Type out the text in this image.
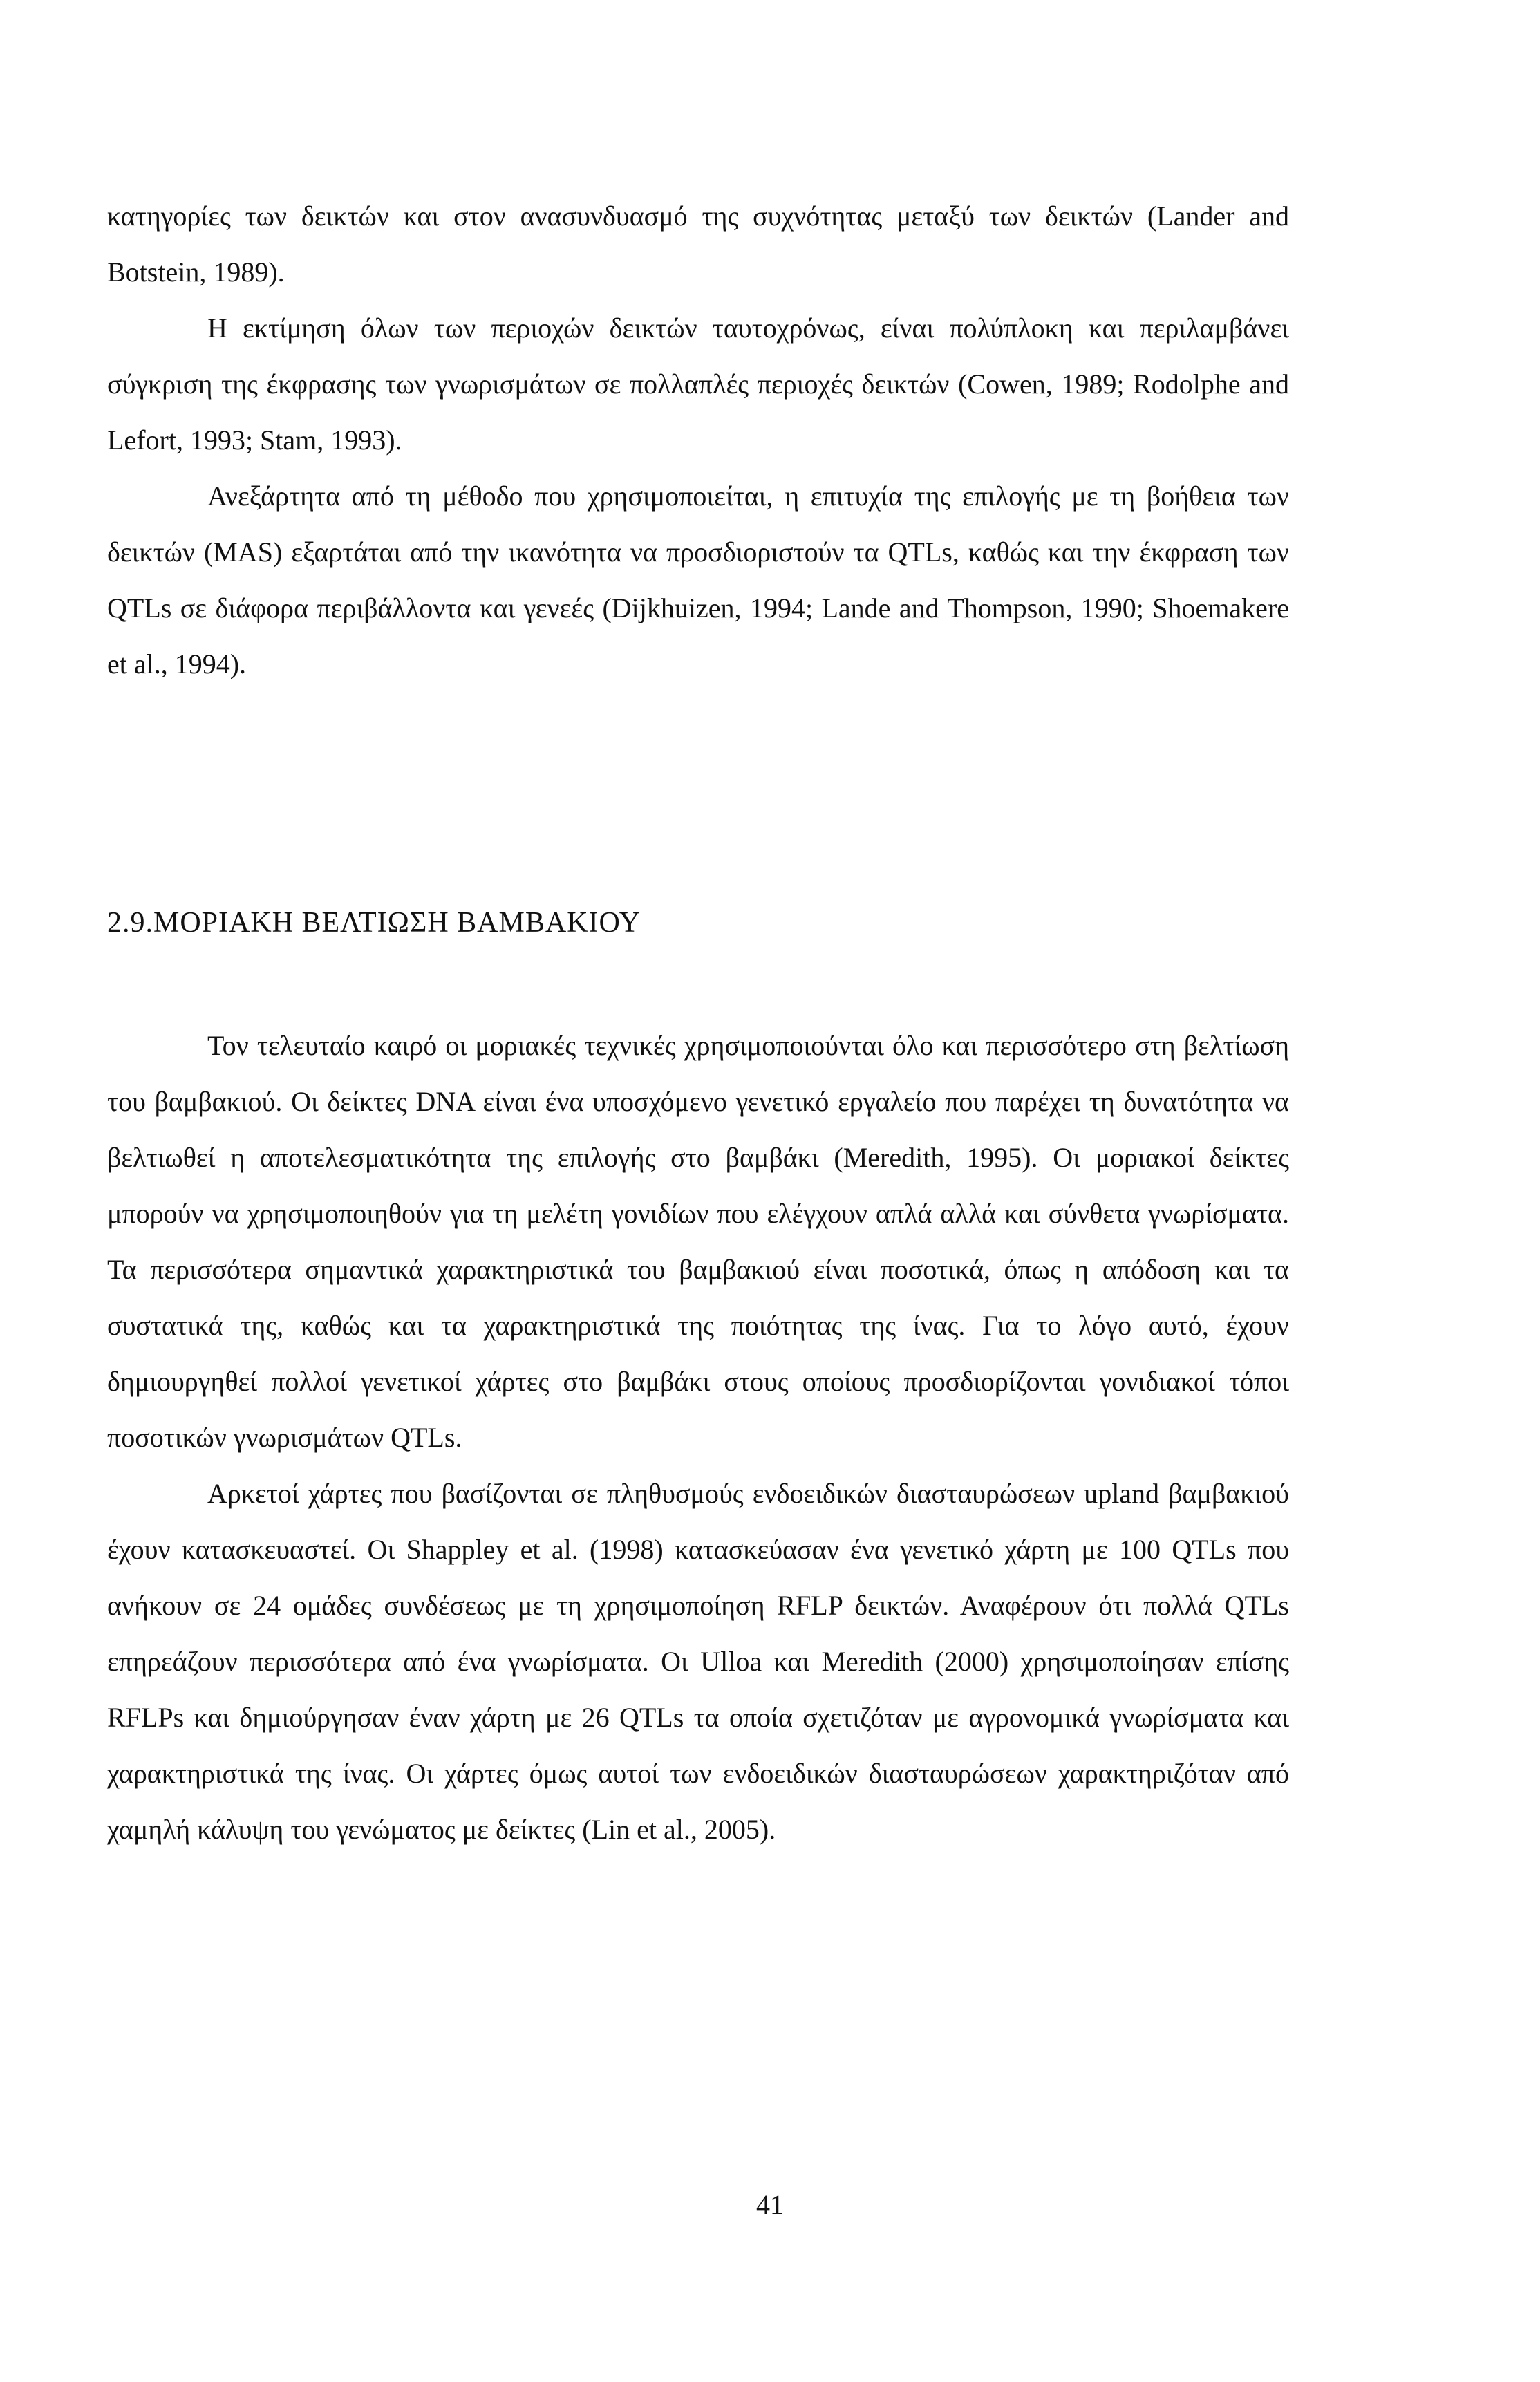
κατηγορίες των δεικτών και στον ανασυνδυασμό της συχνότητας μεταξύ των δεικτών (Lander and Botstein, 1989).

Η εκτίμηση όλων των περιοχών δεικτών ταυτοχρόνως, είναι πολύπλοκη και περιλαμβάνει σύγκριση της έκφρασης των γνωρισμάτων σε πολλαπλές περιοχές δεικτών (Cowen, 1989; Rodolphe and Lefort, 1993; Stam, 1993).

Ανεξάρτητα από τη μέθοδο που χρησιμοποιείται, η επιτυχία της επιλογής με τη βοήθεια των δεικτών (MAS) εξαρτάται από την ικανότητα να προσδιοριστούν τα QTLs, καθώς και την έκφραση των QTLs σε διάφορα περιβάλλοντα και γενεές (Dijkhuizen, 1994; Lande and Thompson, 1990; Shoemakere et al., 1994).

2.9.ΜΟΡΙΑΚΗ ΒΕΛΤΙΩΣΗ ΒΑΜΒΑΚΙΟΥ

Τον τελευταίο καιρό οι μοριακές τεχνικές χρησιμοποιούνται όλο και περισσότερο στη βελτίωση του βαμβακιού. Οι δείκτες DNA είναι ένα υποσχόμενο γενετικό εργαλείο που παρέχει τη δυνατότητα να βελτιωθεί η αποτελεσματικότητα της επιλογής στο βαμβάκι (Meredith, 1995). Οι μοριακοί δείκτες μπορούν να χρησιμοποιηθούν για τη μελέτη γονιδίων που ελέγχουν απλά αλλά και σύνθετα γνωρίσματα. Τα περισσότερα σημαντικά χαρακτηριστικά του βαμβακιού είναι ποσοτικά, όπως η απόδοση και τα συστατικά της, καθώς και τα χαρακτηριστικά της ποιότητας της ίνας. Για το λόγο αυτό, έχουν δημιουργηθεί πολλοί γενετικοί χάρτες στο βαμβάκι στους οποίους προσδιορίζονται γονιδιακοί τόποι ποσοτικών γνωρισμάτων QTLs.

Αρκετοί χάρτες που βασίζονται σε πληθυσμούς ενδοειδικών διασταυρώσεων upland βαμβακιού έχουν κατασκευαστεί. Οι Shappley et al. (1998) κατασκεύασαν ένα γενετικό χάρτη με 100 QTLs που ανήκουν σε 24 ομάδες συνδέσεως με τη χρησιμοποίηση RFLP δεικτών. Αναφέρουν ότι πολλά QTLs επηρεάζουν περισσότερα από ένα γνωρίσματα. Οι Ulloa και Meredith (2000) χρησιμοποίησαν επίσης RFLPs και δημιούργησαν έναν χάρτη με 26 QTLs τα οποία σχετιζόταν με αγρονομικά γνωρίσματα και χαρακτηριστικά της ίνας. Οι χάρτες όμως αυτοί των ενδοειδικών διασταυρώσεων χαρακτηριζόταν από χαμηλή κάλυψη του γενώματος με δείκτες (Lin et al., 2005).

41
